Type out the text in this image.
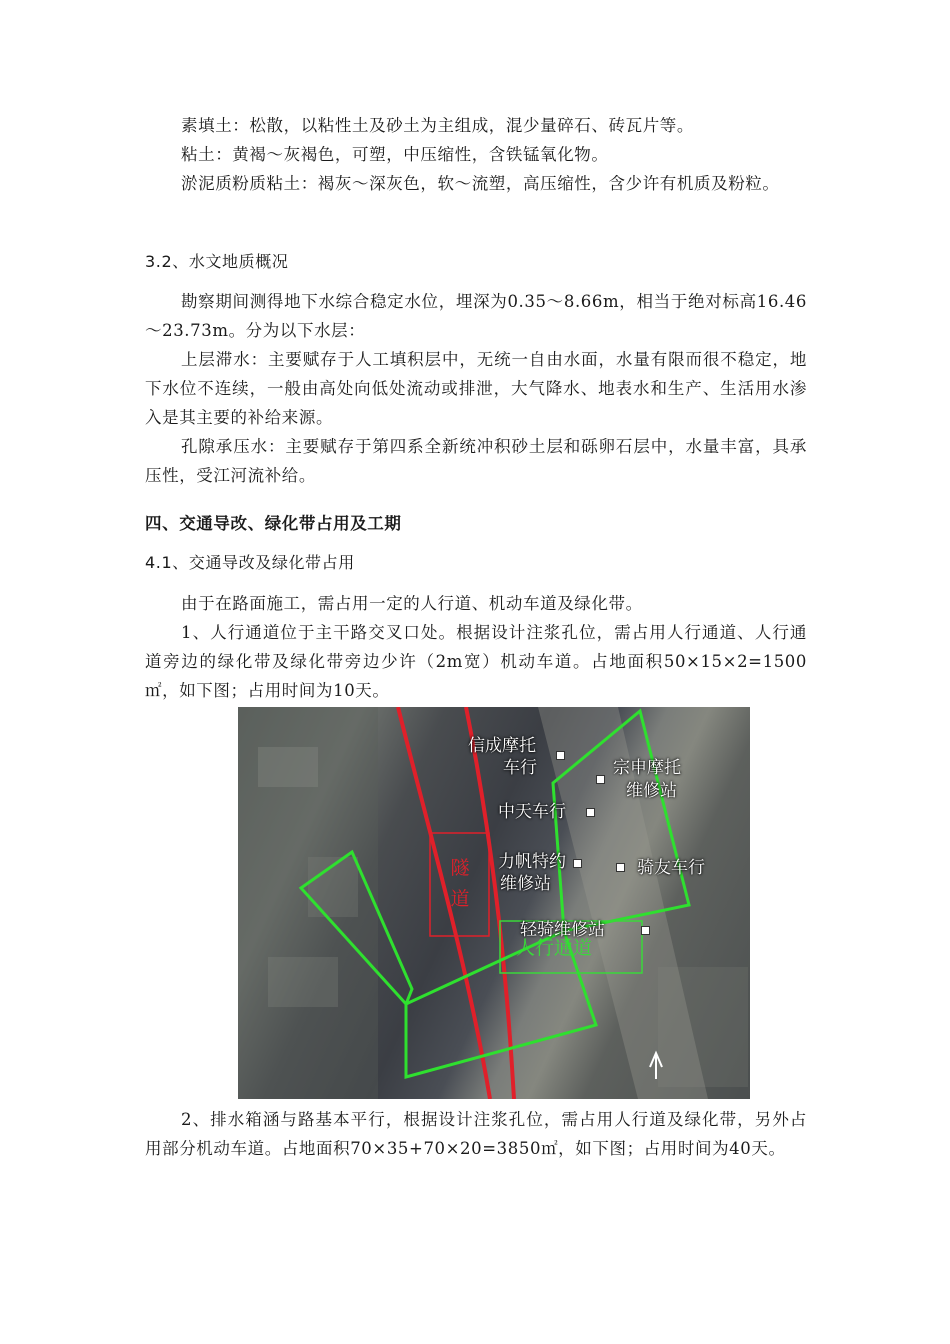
素填土：松散，以粘性土及砂土为主组成，混少量碎石、砖瓦片等。
粘土：黄褐～灰褐色，可塑，中压缩性，含铁锰氧化物。
淤泥质粉质粘土：褐灰～深灰色，软～流塑，高压缩性，含少许有机质及粉粒。
3.2、水文地质概况
勘察期间测得地下水综合稳定水位，埋深为0.35～8.66m，相当于绝对标高16.46～23.73m。分为以下水层：
上层滞水：主要赋存于人工填积层中，无统一自由水面，水量有限而很不稳定，地下水位不连续，一般由高处向低处流动或排泄，大气降水、地表水和生产、生活用水渗入是其主要的补给来源。
孔隙承压水：主要赋存于第四系全新统冲积砂土层和砾卵石层中，水量丰富，具承压性，受江河流补给。
四、交通导改、绿化带占用及工期
4.1、交通导改及绿化带占用
由于在路面施工，需占用一定的人行道、机动车道及绿化带。
1、人行通道位于主干路交叉口处。根据设计注浆孔位，需占用人行通道、人行通道旁边的绿化带及绿化带旁边少许（2m宽）机动车道。占地面积50×15×2=1500㎡，如下图；占用时间为10天。
信成摩托
车行	宗申摩托
维修站
中天车行
力帆特约
维修站
骑友车行
轻骑维修站
隧
道
人行通道
2、排水箱涵与路基本平行，根据设计注浆孔位，需占用人行道及绿化带，另外占用部分机动车道。占地面积70×35+70×20=3850㎡，如下图；占用时间为40天。
